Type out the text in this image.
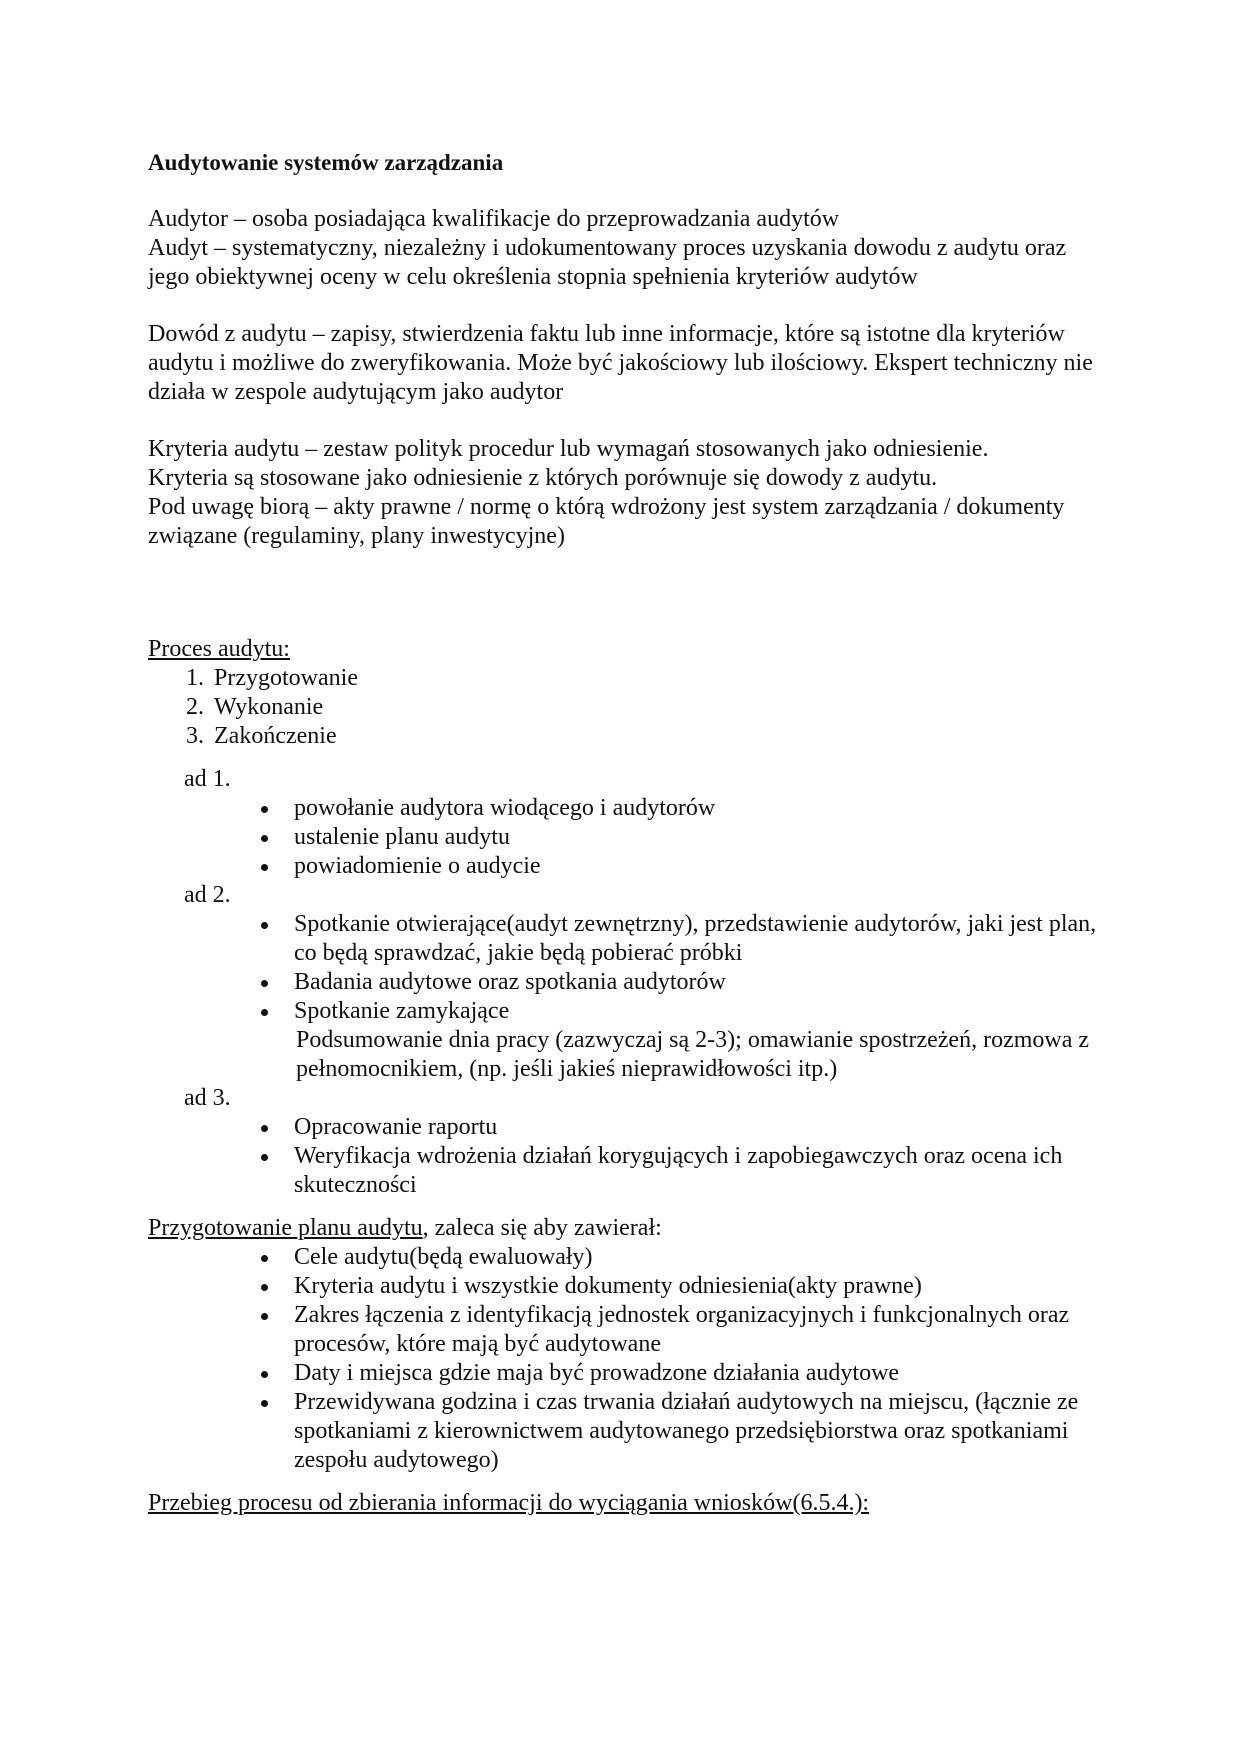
Audytowanie systemów zarządzania

Audytor – osoba posiadająca kwalifikacje do przeprowadzania audytów

Audyt – systematyczny, niezależny i udokumentowany proces uzyskania dowodu z audytu oraz jego obiektywnej oceny w celu określenia stopnia spełnienia kryteriów audytów

Dowód z audytu – zapisy, stwierdzenia faktu lub inne informacje, które są istotne dla kryteriów audytu i możliwe do zweryfikowania. Może być jakościowy lub ilościowy. Ekspert techniczny nie działa w zespole audytującym jako audytor

Kryteria audytu – zestaw polityk procedur lub wymagań stosowanych jako odniesienie.

Kryteria są stosowane jako odniesienie z których porównuje się dowody z audytu.

Pod uwagę biorą – akty prawne / normę o którą wdrożony jest system zarządzania / dokumenty związane (regulaminy, plany inwestycyjne)

Proces audytu:

1. Przygotowanie
2. Wykonanie
3. Zakończenie

ad 1.

powołanie audytora wiodącego i audytorów
ustalenie planu audytu
powiadomienie o audycie

ad 2.

Spotkanie otwierające(audyt zewnętrzny), przedstawienie audytorów, jaki jest plan, co będą sprawdzać, jakie będą pobierać próbki
Badania audytowe oraz spotkania audytorów
Spotkanie zamykające

Podsumowanie dnia pracy (zazwyczaj są 2-3); omawianie spostrzeżeń, rozmowa z pełnomocnikiem, (np. jeśli jakieś nieprawidłowości itp.)

ad 3.

Opracowanie raportu
Weryfikacja wdrożenia działań korygujących i zapobiegawczych oraz ocena ich skuteczności

Przygotowanie planu audytu, zaleca się aby zawierał:

Cele audytu(będą ewaluowały)
Kryteria audytu i wszystkie dokumenty odniesienia(akty prawne)
Zakres łączenia z identyfikacją jednostek organizacyjnych i funkcjonalnych oraz procesów, które mają być audytowane
Daty i miejsca gdzie maja być prowadzone działania audytowe
Przewidywana godzina i czas trwania działań audytowych na miejscu, (łącznie ze spotkaniami z kierownictwem audytowanego przedsiębiorstwa oraz spotkaniami zespołu audytowego)

Przebieg procesu od zbierania informacji do wyciągania wniosków(6.5.4.):
